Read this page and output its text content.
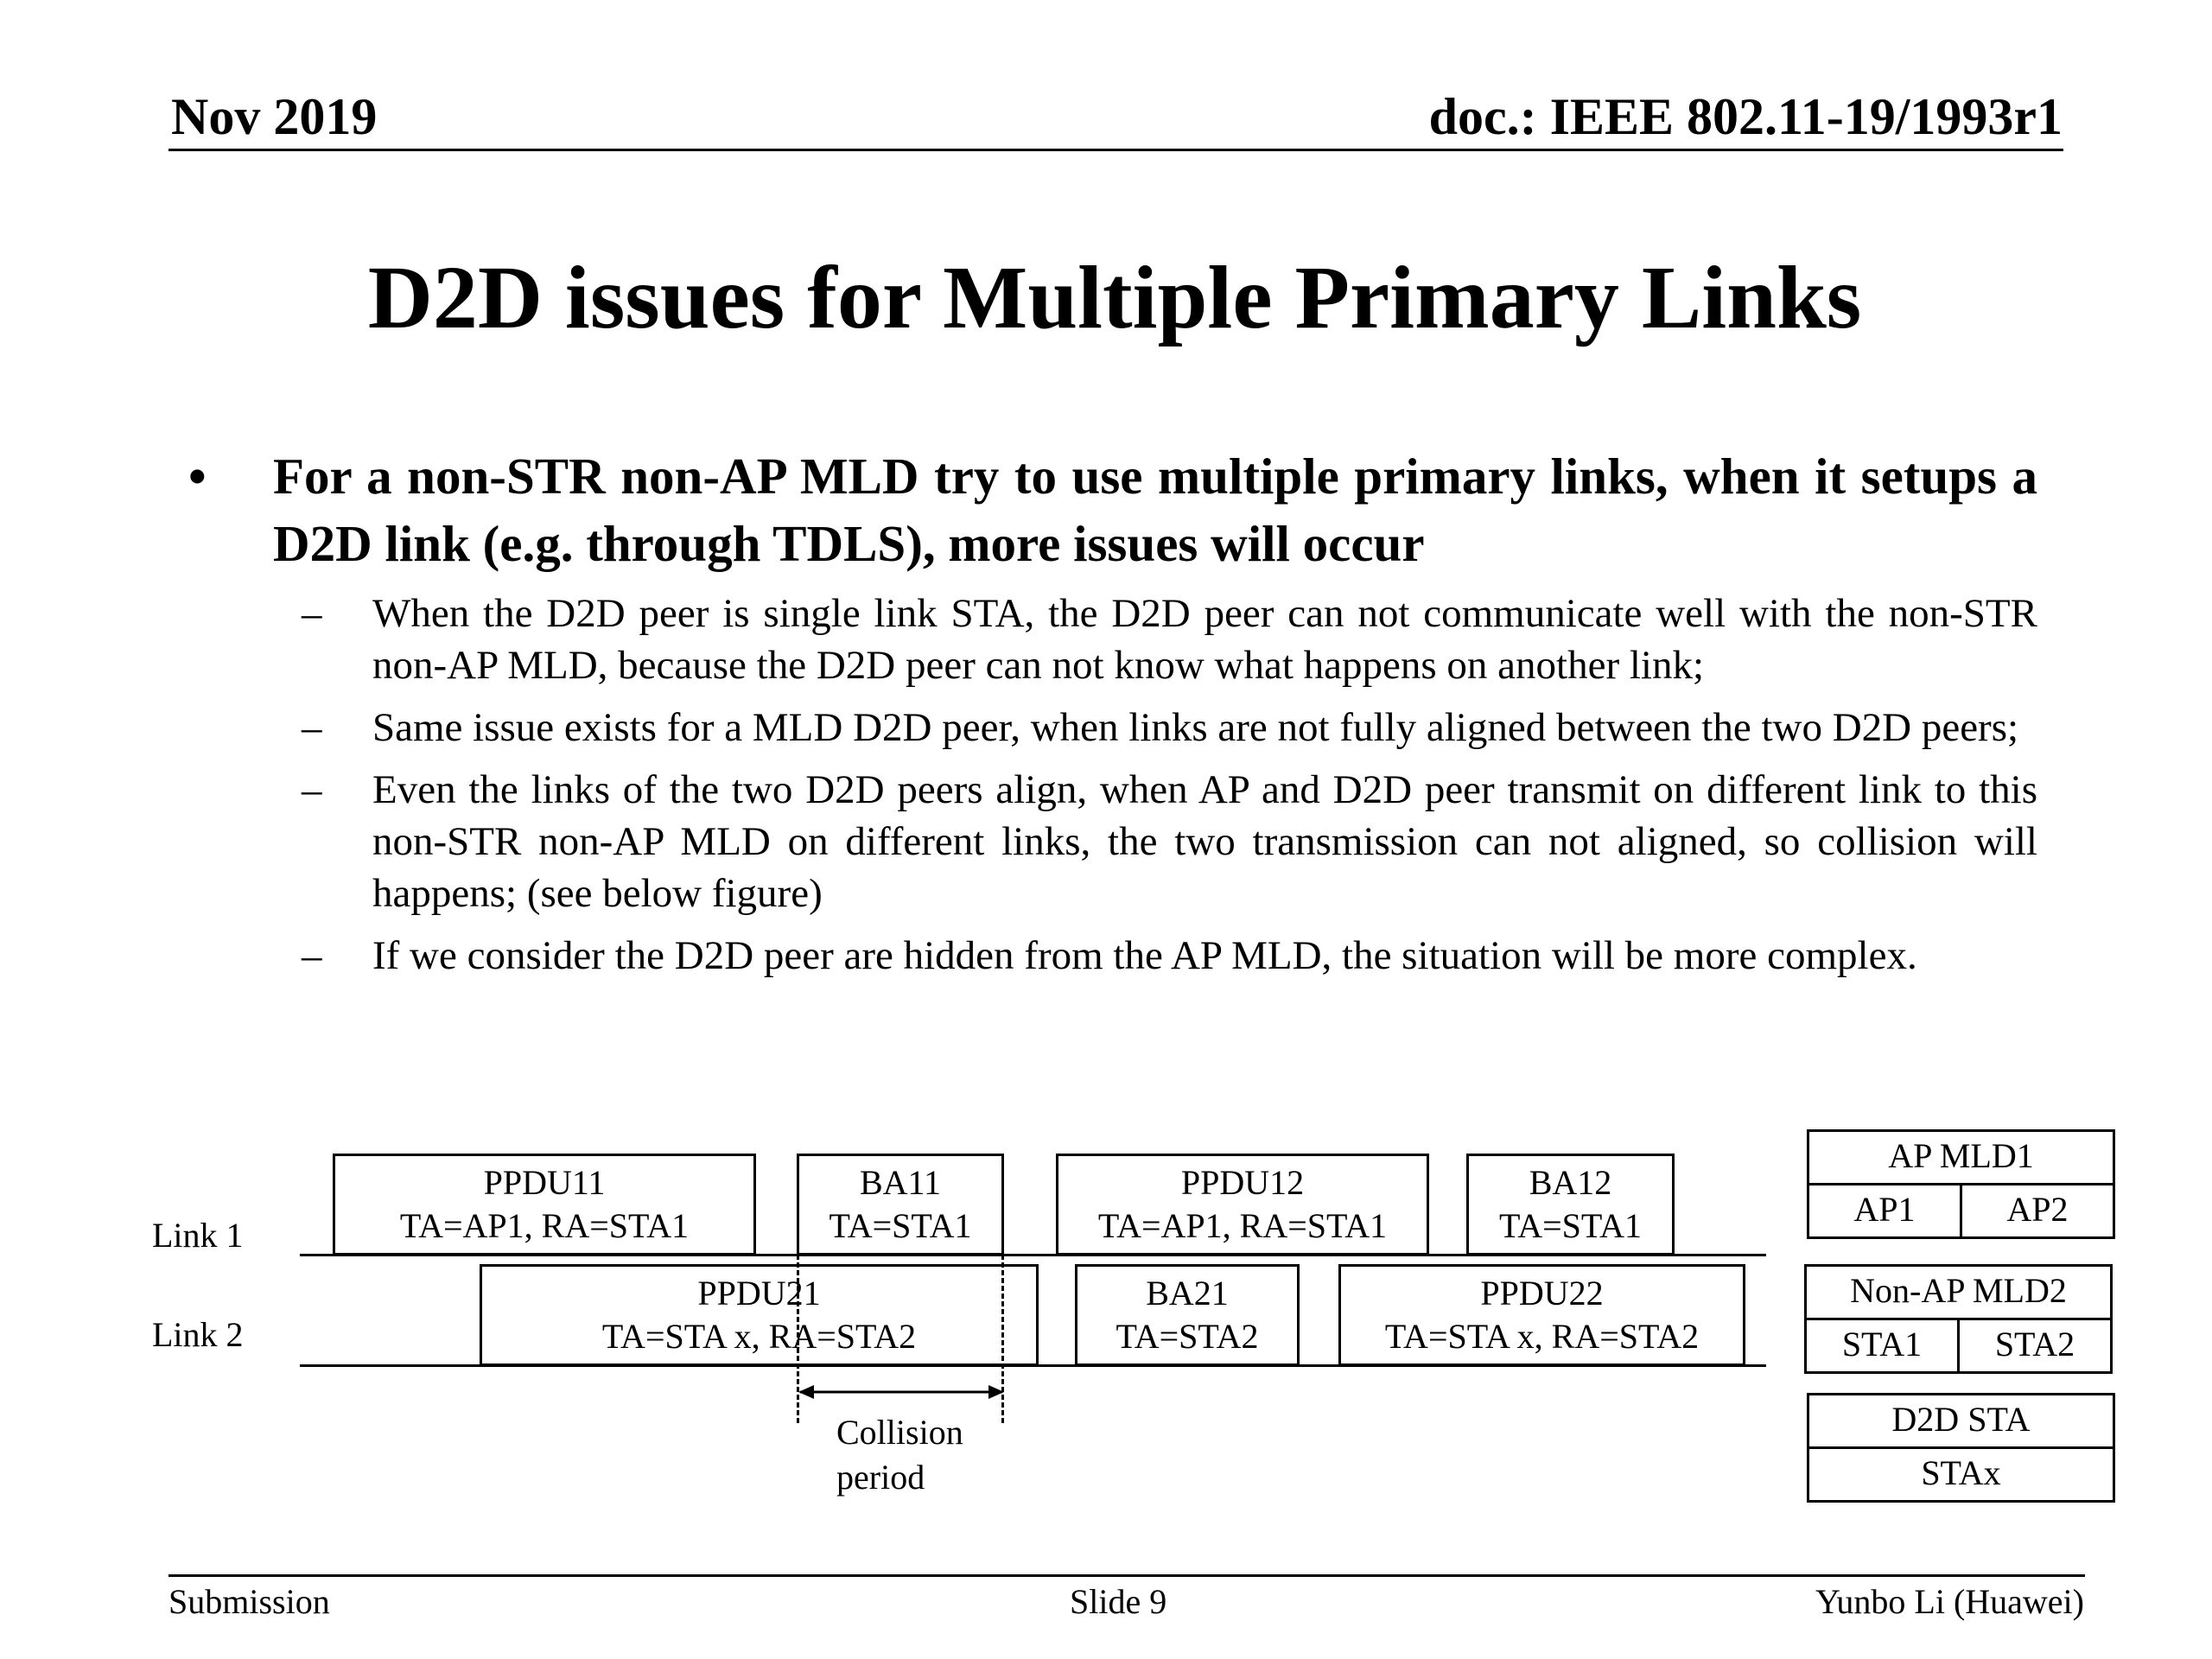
Nov 2019	doc.: IEEE 802.11-19/1993r1
D2D issues for Multiple Primary Links
• For a non-STR non-AP MLD try to use multiple primary links, when it setups a D2D link (e.g. through TDLS), more issues will occur
– When the D2D peer is single link STA, the D2D peer can not communicate well with the non-STR non-AP MLD, because the D2D peer can not know what happens on another link;
– Same issue exists for a MLD D2D peer, when links are not fully aligned between the two D2D peers;
– Even the links of the two D2D peers align, when AP and D2D peer transmit on different link to this non-STR non-AP MLD on different links, the two transmission can not aligned, so collision will happens; (see below figure)
– If we consider the D2D peer are hidden from the AP MLD, the situation will be more complex.
Link 1
Link 2
PPDU11
TA=AP1, RA=STA1
BA11
TA=STA1
PPDU12
TA=AP1, RA=STA1
BA12
TA=STA1
PPDU21
TA=STA x, RA=STA2
BA21
TA=STA2
PPDU22
TA=STA x, RA=STA2
Collision
period
AP MLD1
AP1	AP2
Non-AP MLD2
STA1	STA2
D2D STA
STAx
Submission	Slide 9	Yunbo Li (Huawei)
